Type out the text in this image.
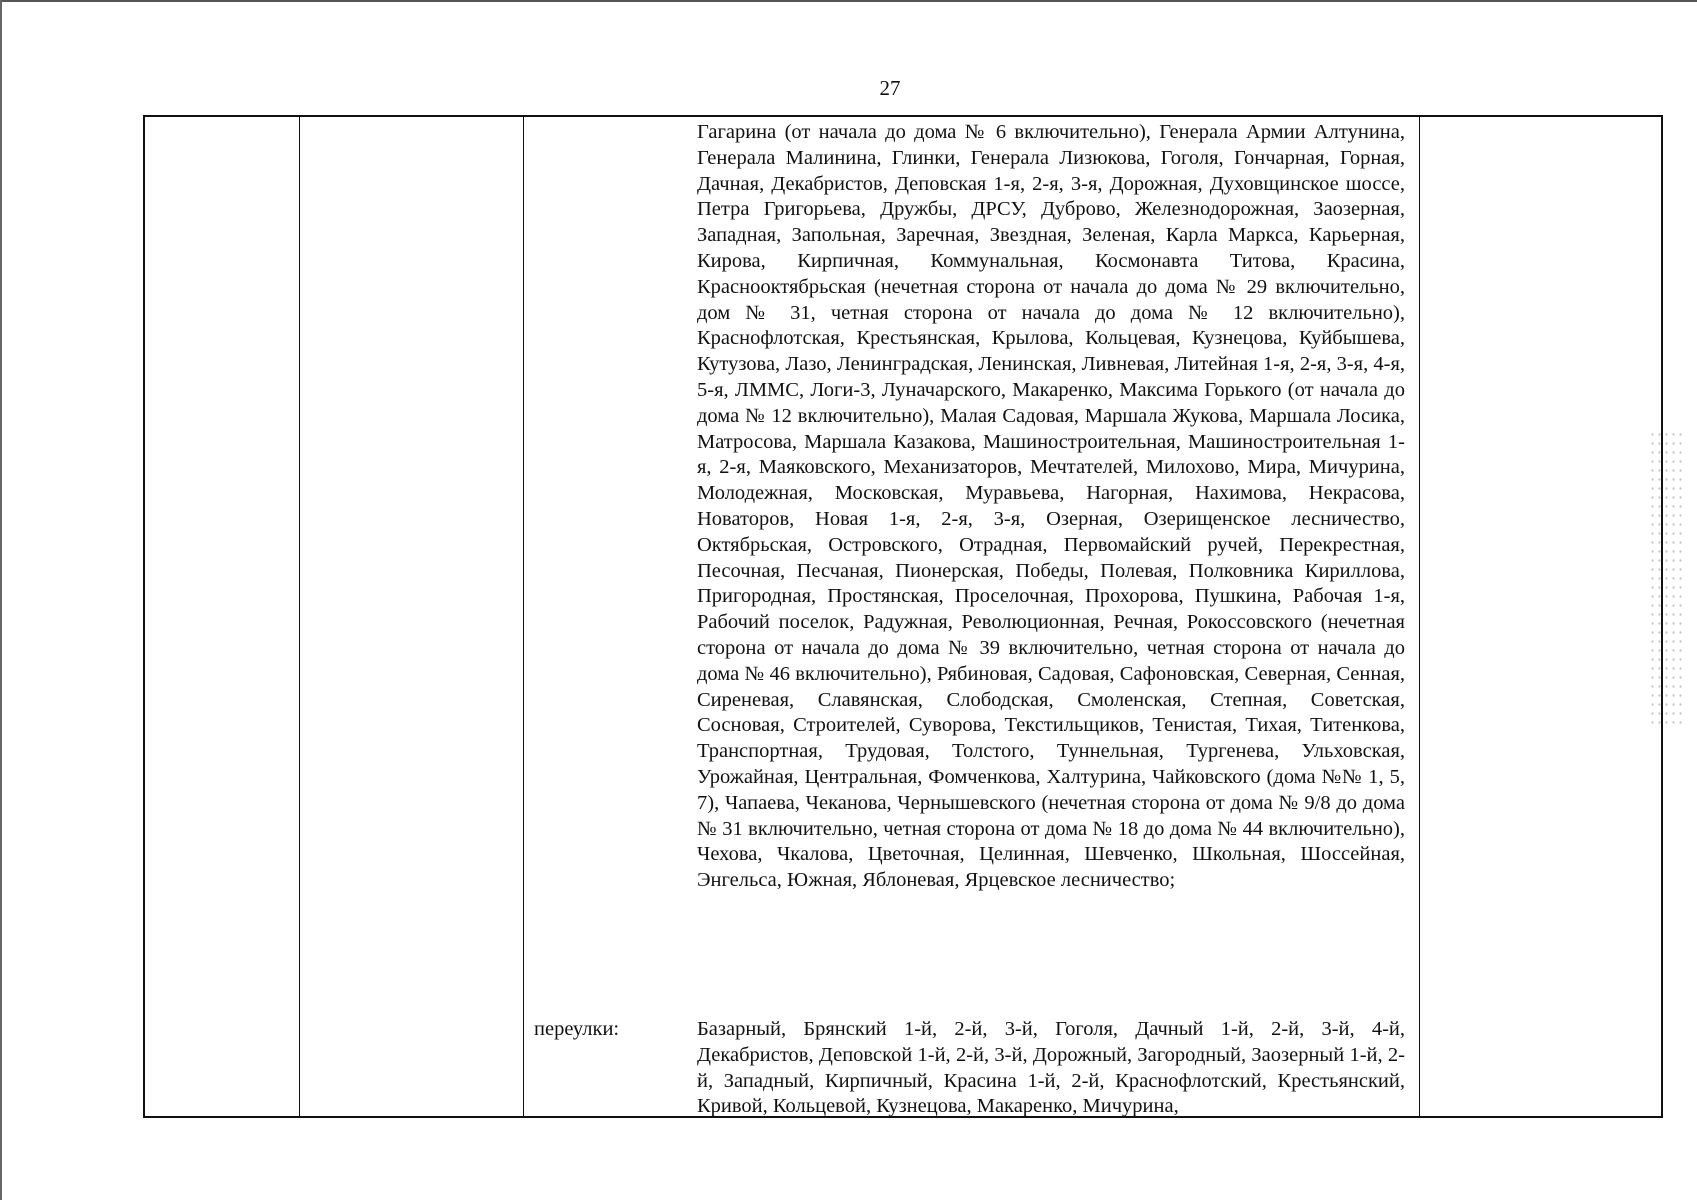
27
Гагарина (от начала до дома № 6 включительно), Генерала Армии Алтунина, Генерала Малинина, Глинки, Генерала Лизюкова, Гоголя, Гончарная, Горная, Дачная, Декабристов, Деповская 1-я, 2-я, 3-я, Дорожная, Духовщинское шоссе, Петра Григорьева, Дружбы, ДРСУ, Дуброво, Железнодорожная, Заозерная, Западная, Запольная, Заречная, Звездная, Зеленая, Карла Маркса, Карьерная, Кирова, Кирпичная, Коммунальная, Космонавта Титова, Красина, Краснооктябрьская (нечетная сторона от начала до дома № 29 включительно, дом № 31, четная сторона от начала до дома № 12 включительно), Краснофлотская, Крестьянская, Крылова, Кольцевая, Кузнецова, Куйбышева, Кутузова, Лазо, Ленинградская, Ленинская, Ливневая, Литейная 1-я, 2-я, 3-я, 4-я, 5-я, ЛММС, Логи-3, Луначарского, Макаренко, Максима Горького (от начала до дома № 12 включительно), Малая Садовая, Маршала Жукова, Маршала Лосика, Матросова, Маршала Казакова, Машиностроительная, Машиностроительная 1-я, 2-я, Маяковского, Механизаторов, Мечтателей, Милохово, Мира, Мичурина, Молодежная, Московская, Муравьева, Нагорная, Нахимова, Некрасова, Новаторов, Новая 1-я, 2-я, 3-я, Озерная, Озерищенское лесничество, Октябрьская, Островского, Отрадная, Первомайский ручей, Перекрестная, Песочная, Песчаная, Пионерская, Победы, Полевая, Полковника Кириллова, Пригородная, Простянская, Проселочная, Прохорова, Пушкина, Рабочая 1-я, Рабочий поселок, Радужная, Революционная, Речная, Рокоссовского (нечетная сторона от начала до дома № 39 включительно, четная сторона от начала до дома № 46 включительно), Рябиновая, Садовая, Сафоновская, Северная, Сенная, Сиреневая, Славянская, Слободская, Смоленская, Степная, Советская, Сосновая, Строителей, Суворова, Текстильщиков, Тенистая, Тихая, Титенкова, Транспортная, Трудовая, Толстого, Туннельная, Тургенева, Ульховская, Урожайная, Центральная, Фомченкова, Халтурина, Чайковского (дома №№ 1, 5, 7), Чапаева, Чеканова, Чернышевского (нечетная сторона от дома № 9/8 до дома № 31 включительно, четная сторона от дома № 18 до дома № 44 включительно), Чехова, Чкалова, Цветочная, Целинная, Шевченко, Школьная, Шоссейная, Энгельса, Южная, Яблоневая, Ярцевское лесничество;
переулки:	Базарный, Брянский 1-й, 2-й, 3-й, Гоголя, Дачный 1-й, 2-й, 3-й, 4-й, Декабристов, Деповской 1-й, 2-й, 3-й, Дорожный, Загородный, Заозерный 1-й, 2-й, Западный, Кирпичный, Красина 1-й, 2-й, Краснофлотский, Крестьянский, Кривой, Кольцевой, Кузнецова, Макаренко, Мичурина,
